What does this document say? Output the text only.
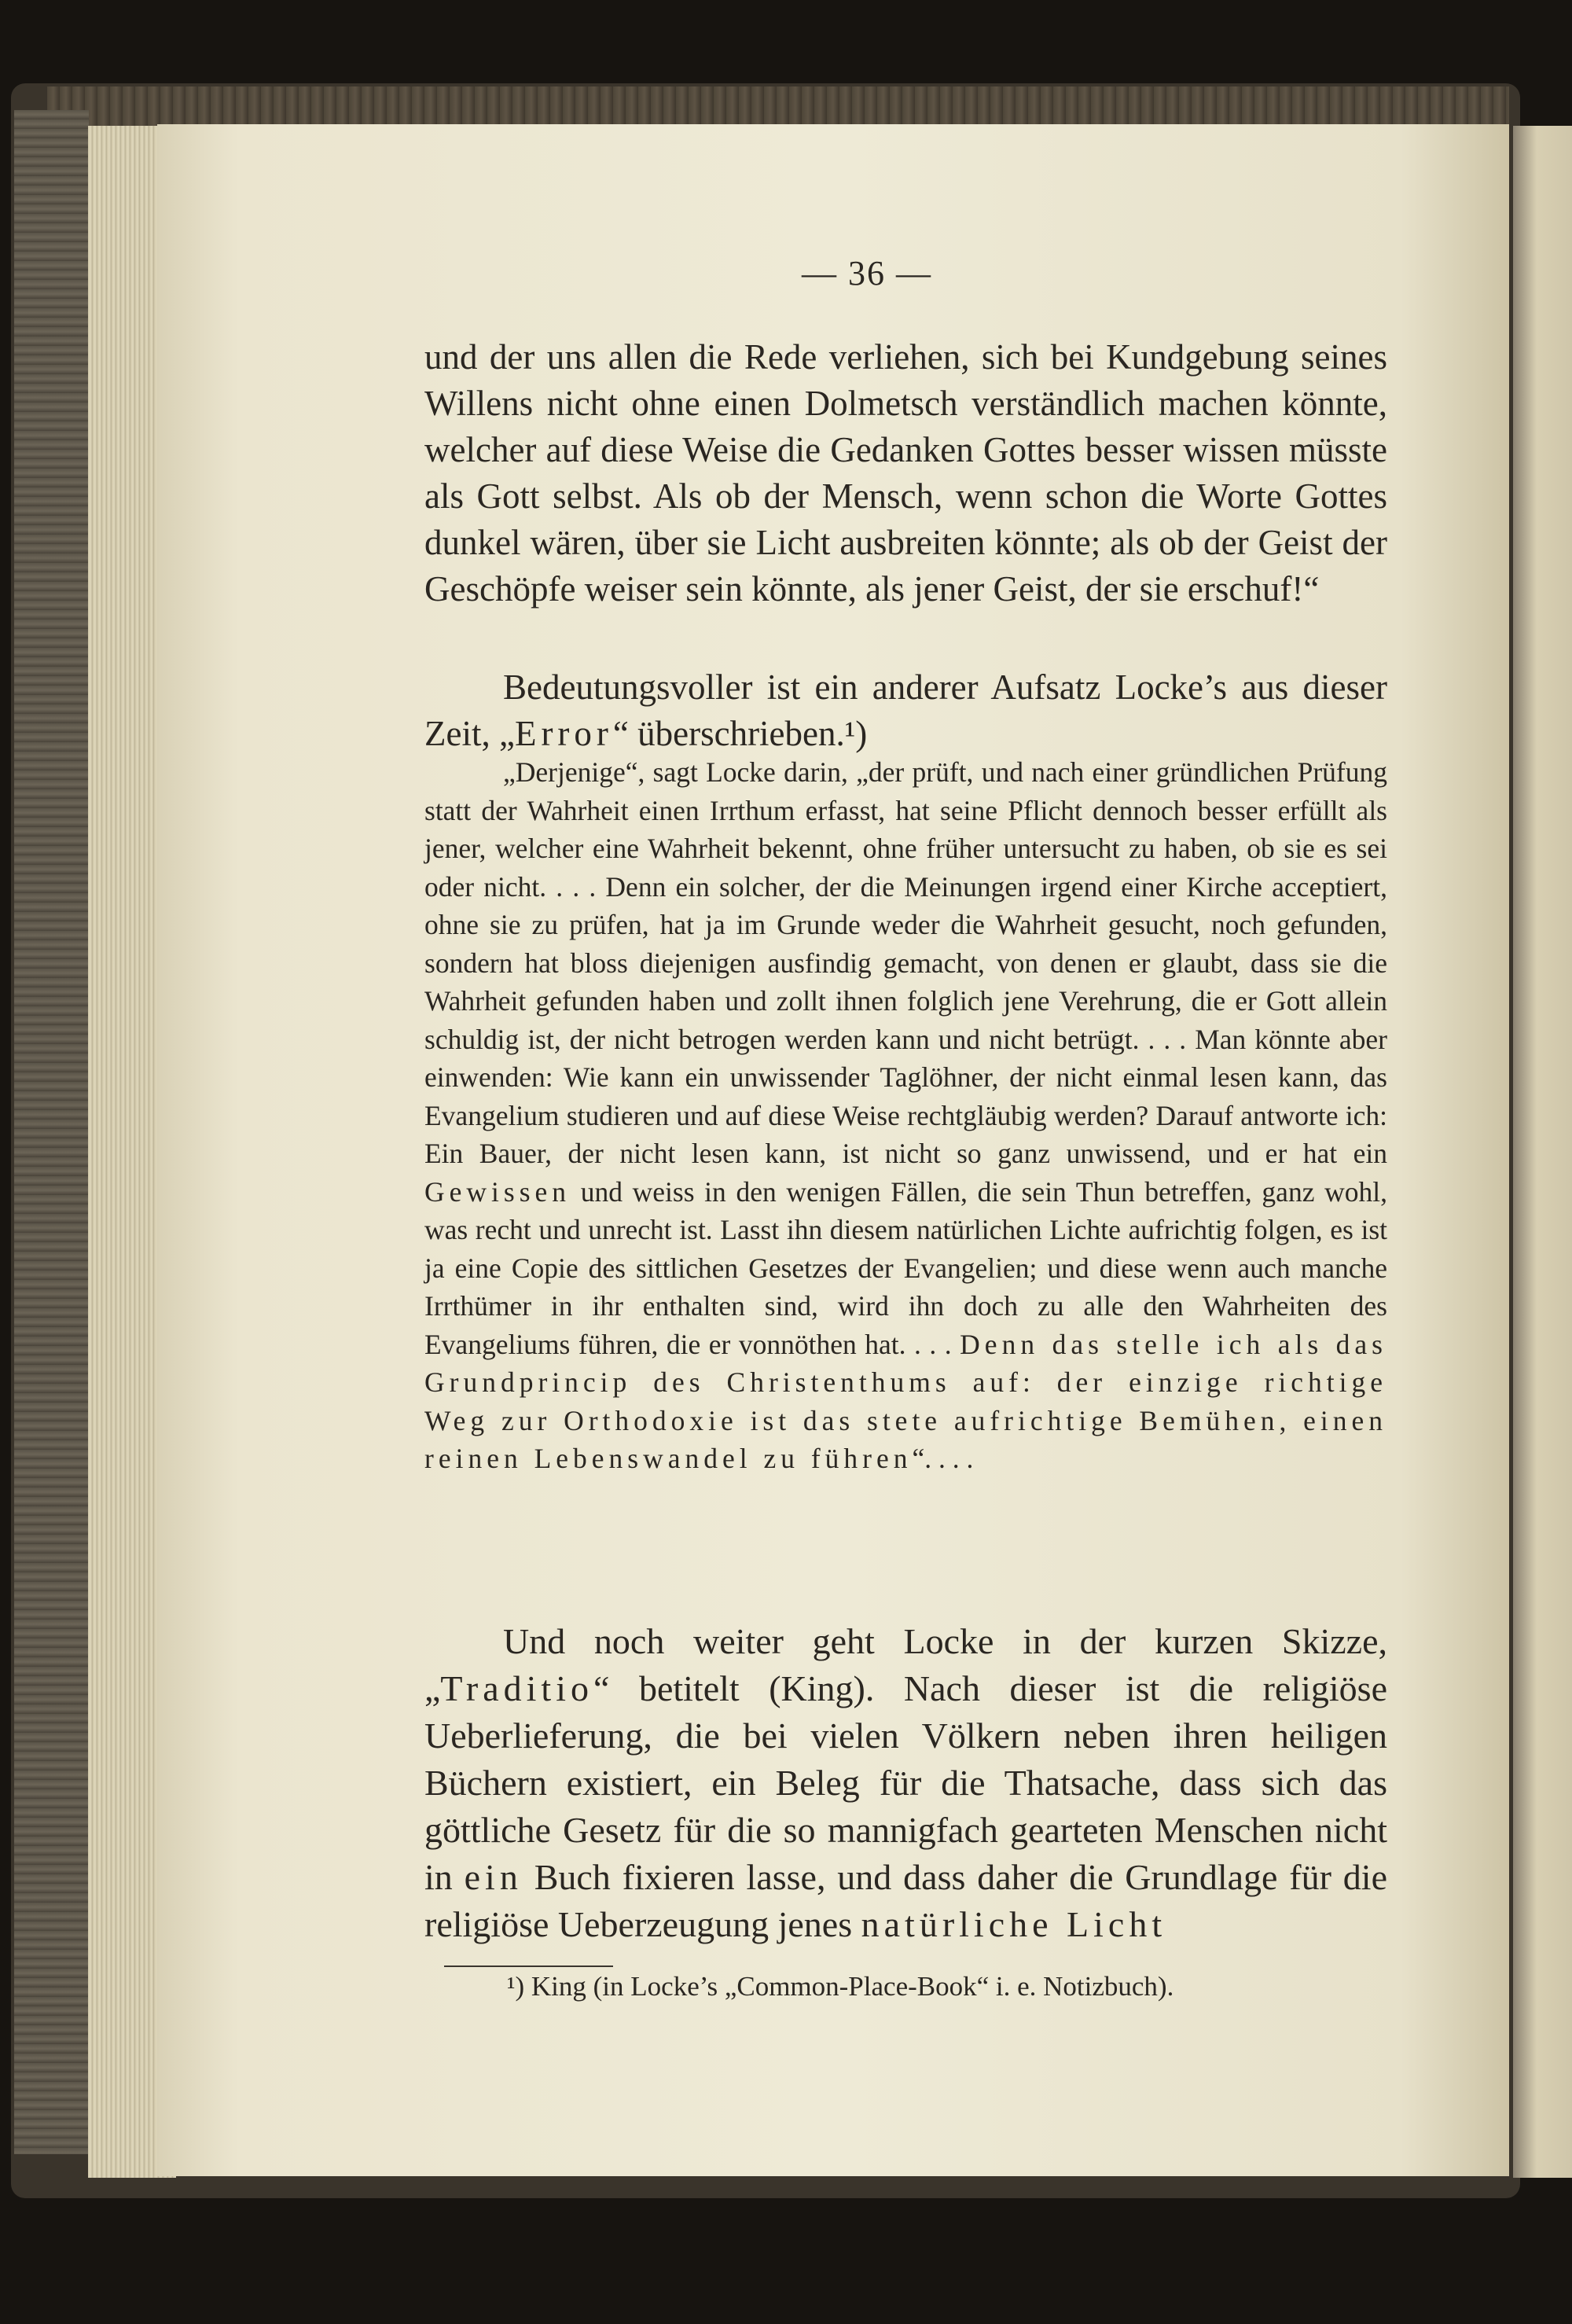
— 36 —

und der uns allen die Rede verliehen, sich bei Kundgebung seines Willens nicht ohne einen Dolmetsch verständlich machen könnte, welcher auf diese Weise die Gedanken Gottes besser wissen müsste als Gott selbst. Als ob der Mensch, wenn schon die Worte Gottes dunkel wären, über sie Licht ausbreiten könnte; als ob der Geist der Geschöpfe weiser sein könnte, als jener Geist, der sie erschuf!“

Bedeutungsvoller ist ein anderer Aufsatz Locke’s aus dieser Zeit, „Error“ überschrieben.¹)

„Derjenige“, sagt Locke darin, „der prüft, und nach einer gründlichen Prüfung statt der Wahrheit einen Irrthum erfasst, hat seine Pflicht dennoch besser erfüllt als jener, welcher eine Wahrheit bekennt, ohne früher untersucht zu haben, ob sie es sei oder nicht. . . . Denn ein solcher, der die Meinungen irgend einer Kirche acceptiert, ohne sie zu prüfen, hat ja im Grunde weder die Wahrheit gesucht, noch gefunden, sondern hat bloss diejenigen ausfindig gemacht, von denen er glaubt, dass sie die Wahrheit gefunden haben und zollt ihnen folglich jene Verehrung, die er Gott allein schuldig ist, der nicht betrogen werden kann und nicht betrügt. . . . Man könnte aber einwenden: Wie kann ein unwissender Taglöhner, der nicht einmal lesen kann, das Evangelium studieren und auf diese Weise rechtgläubig werden? Darauf antworte ich: Ein Bauer, der nicht lesen kann, ist nicht so ganz unwissend, und er hat ein Gewissen und weiss in den wenigen Fällen, die sein Thun betreffen, ganz wohl, was recht und unrecht ist. Lasst ihn diesem natürlichen Lichte aufrichtig folgen, es ist ja eine Copie des sittlichen Gesetzes der Evangelien; und diese wenn auch manche Irrthümer in ihr enthalten sind, wird ihn doch zu alle den Wahrheiten des Evangeliums führen, die er vonnöthen hat. . . . Denn das stelle ich als das Grundprincip des Christenthums auf: der einzige richtige Weg zur Orthodoxie ist das stete aufrichtige Bemühen, einen reinen Lebenswandel zu führen“. . . .

Und noch weiter geht Locke in der kurzen Skizze, „Traditio“ betitelt (King). Nach dieser ist die religiöse Ueberlieferung, die bei vielen Völkern neben ihren heiligen Büchern existiert, ein Beleg für die Thatsache, dass sich das göttliche Gesetz für die so mannigfach gearteten Menschen nicht in ein Buch fixieren lasse, und dass daher die Grundlage für die religiöse Ueberzeugung jenes natürliche Licht

¹) King (in Locke’s „Common-Place-Book“ i. e. Notizbuch).
